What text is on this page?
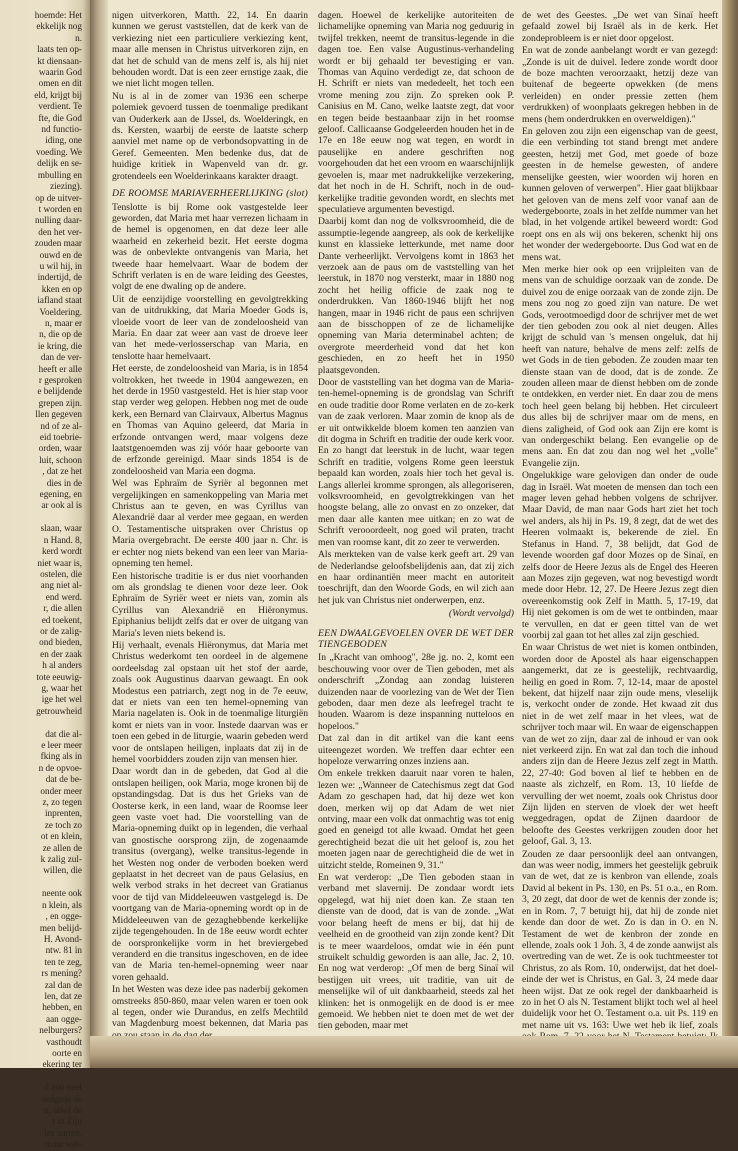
hoemde: Het
ekkelijk nog
n.
laats ten op-
kt diensaan-
waarin God
omen en dit
eld, krijgt bij
verdient. Te
fte, die God
nd functio-
iding, one
voeding. We
delijk en se-
mbulling en
ziezing).
op de uitver-
t worden en
nulling daar-
den het ver-
zouden maar
ouwd en de
u wil hij, in
indertijd, de
kken en op
iafland staat
Voeldering.
n, maar er
n, die op de
ie kring, die
dan de ver-
heeft er alle
r gesproken
e belijdende
grepen zijn.
llen gegeven
nd of ze al-
eid toebrie-
orden, waar
luit, schoon
, dat ze het
dies in de
egening, en
ar ook al is

slaan, waar
n Hand. 8,
kerd wordt
niet waar is,
ostelen, die
ang niet al-
end werd.
r, die allen
ed toekent,
or de zalig-
ond bieden,
en der zaak
h al anders
tote eeuwig-
g, waar het
ige het wel
getrouwheid

dat die al-
e leer meer
fking als in
n de opvoe-
dat de be-
onder meer
z, zo tegen
inprenten,
ze toch zo
ot en klein,
ze allen de
k zalig zul-
willen, die

neente ook
n klein, als
, en ogge-
men belijd-
H. Avond-
ntw. 81 in
ten te zeg,
rs mening?
zal dan de
len, dat ze
hebben, en
aan ogge-
nelburgers?
vasthoudt
oorte en
ekering ter

d zou veel
volgens de
n, alsof de
t in Zijn
les harten,
maar wei-

nigen uitverkoren, Matth. 22, 14. En daarin kunnen we gerust vaststellen, dat de kerk van de verkiezing niet een particuliere verkiezing kent, maar alle mensen in Christus uitverkoren zijn, en dat het de schuld van de mens zelf is, als hij niet behouden wordt. Dat is een zeer ernstige zaak, die we niet licht mogen tellen.

Nu is al in de zomer van 1936 een scherpe polemiek gevoerd tussen de toenmalige predikant van Ouderkerk aan de IJssel, ds. Woelderingk, en ds. Kersten, waarbij de eerste de laatste scherp aanviel met name op de verbondsopvatting in de Geref. Gemeenten. Men bedenke dus, dat de huidige kritiek in Wapenveld van dr. gr. grotendeels een Woelderinkaans karakter draagt.

DE ROOMSE MARIAVERHEERLIJKING (slot)

Tenslotte is bij Rome ook vastgestelde leer geworden, dat Maria met haar verrezen lichaam in de hemel is opgenomen, en dat deze leer alle waarheid en zekerheid bezit. Het eerste dogma was de onbevlekte ontvangenis van Maria, het tweede haar hemelvaart. Waar de bodem der Schrift verlaten is en de ware leiding des Geestes, volgt de ene dwaling op de andere.

Uit de eenzijdige voorstelling en gevolgtrekking van de uitdrukking, dat Maria Moeder Gods is, vloeide voort de leer van de zondeloosheid van Maria. En daar zat weer aan vast de droeve leer van het mede-verlosserschap van Maria, en tenslotte haar hemelvaart.

Het eerste, de zondeloosheid van Maria, is in 1854 voltrokken, het tweede in 1904 aangewezen, en het derde in 1950 vastgesteld. Het is hier stap voor stap verder weg gelopen. Hebben nog met de oude kerk, een Bernard van Clairvaux, Albertus Magnus en Thomas van Aquino geleerd, dat Maria in erfzonde ontvangen werd, maar volgens deze laatstgenoemden was zij vóór haar geboorte van de erfzonde gereinigd. Maar sinds 1854 is de zondeloosheid van Maria een dogma.

Wel was Ephraïm de Syriër al begonnen met vergelijkingen en samenkoppeling van Maria met Christus aan te geven, en was Cyrillus van Alexandrië daar al verder mee gegaan, en werden O. Testamentische uitspraken over Christus op Maria overgebracht. De eerste 400 jaar n. Chr. is er echter nog niets bekend van een leer van Maria-opneming ten hemel.

Een historische traditie is er dus niet voorhanden om als grondslag te dienen voor deze leer. Ook Ephraïm de Syriër weet er niets van, zomin als Cyrillus van Alexandrië en Hiëronymus. Epiphanius belijdt zelfs dat er over de uitgang van Maria's leven niets bekend is.

Hij verhaalt, evenals Hiëronymus, dat Maria met Christus wederkomt ten oordeel in de algemene oordeelsdag zal opstaan uit het stof der aarde, zoals ook Augustinus daarvan gewaagt. En ook Modestus een patriarch, zegt nog in de 7e eeuw, dat er niets van een ten hemel-opneming van Maria nagelaten is. Ook in de toenmalige liturgiën komt er niets van in voor. Instede daarvan was er toen een gebed in de liturgie, waarin gebeden werd voor de ontslapen heiligen, inplaats dat zij in de hemel voorbidders zouden zijn van mensen hier.

Daar wordt dan in de gebeden, dat God al die ontslapen heiligen, ook Maria, moge kronen bij de opstandingsdag. Dat is dus het Grieks van de Oosterse kerk, in een land, waar de Roomse leer geen vaste voet had. Die voorstelling van de Maria-opneming duikt op in legenden, die verhaal van gnostische oorsprong zijn, de zogenaamde transitus (overgang), welke transitus-legende in het Westen nog onder de verboden boeken werd geplaatst in het decreet van de paus Gelasius, en welk verbod straks in het decreet van Gratianus voor de tijd van Middeleeuwen vastgelegd is. De voortgang van de Maria-opneming wordt op in de Middeleeuwen van de gezaghebbende kerkelijke zijde tegengehouden. In de 18e eeuw wordt echter de oorspronkelijke vorm in het breviergebed veranderd en die transitus ingeschoven, en de idee van de Maria ten-hemel-opneming weer naar voren gehaald.

In het Westen was deze idee pas naderbij gekomen omstreeks 850-860, maar velen waren er toen ook al tegen, onder wie Durandus, en zelfs Mechtild van Magdenburg moest bekennen, dat Maria pas

dagen. Hoewel de kerkelijke autoriteiten de lichamelijke opneming van Maria nog geduurig in twijfel trekken, neemt de transitus-legende in die dagen toe. Een valse Augustinus-verhandeling wordt er bij gehaald ter bevestiging er van. Thomas van Aquino verdedigt ze, dat schoon de H. Schrift er niets van mededeelt, het toch een vrome mening zou zijn. Zo spreken ook P. Canisius en M. Cano, welke laatste zegt, dat voor en tegen beide bestaanbaar zijn in het roomse geloof. Callicaanse Godgeleerden houden het in de 17e en 18e eeuw nog wat tegen, en wordt in pauselijke en andere geschriften nog voorgehouden dat het een vroom en waarschijnlijk gevoelen is, maar met nadrukkelijke verzekering, dat het noch in de H. Schrift, noch in de oud-kerkelijke traditie gevonden wordt, en slechts met speculatieve argumenten bevestigd.

Daarbij komt dan nog de volksvroomheid, die de assumptie-legende aangreep, als ook de kerkelijke kunst en klassieke letterkunde, met name door Dante verheerlijkt. Vervolgens komt in 1863 het verzoek aan de paus om de vaststelling van het leerstuk, in 1870 nog versterkt, maar in 1880 nog zocht het heilig officie de zaak nog te onderdrukken. Van 1860-1946 blijft het nog hangen, maar in 1946 richt de paus een schrijven aan de bisschoppen of ze de lichamelijke opneming van Maria determinabel achten; de overgrote meerderheid vond dat het kon geschieden, en zo heeft het in 1950 plaatsgevonden.

Door de vaststelling van het dogma van de Maria-ten-hemel-opneming is de grondslag van Schrift en oude traditie door Rome verlaten en de zo-kerk van de zaak verloren. Maar zomin de knop als de er uit ontwikkelde bloem komen ten aanzien van dit dogma in Schrift en traditie der oude kerk voor. En zo hangt dat leerstuk in de lucht, waar tegen Schrift en traditie, volgens Rome geen leerstuk bepaald kan worden, zoals hier toch het geval is. Langs allerlei kromme sprongen, als allegoriseren, volksvroomheid, en gevolgtrekkingen van het hoogste belang, alle zo onvast en zo onzeker, dat men daar alle kanten mee uitkan; en zo wat de Schrift verooordeelt, nog goed wil praten, tracht men van roomse kant, dit zo zeer te verwerden.

Als merkteken van de valse kerk geeft art. 29 van de Nederlandse geloofsbelijdenis aan, dat zij zich en haar ordinantiën meer macht en autoriteit toeschrijft, dan den Woorde Gods, en wil zich aan het juk van Christus niet onderwerpen, enz.

(Wordt vervolgd)
EEN DWAALGEVOELEN OVER DE WET DER TIENGEBODEN

In „Kracht van omhoog", 28e jg. no. 2, komt een beschouwing voor over de Tien geboden, met als onderschrift „Zondag aan zondag luisteren duizenden naar de voorlezing van de Wet der Tien geboden, daar men deze als leefregel tracht te houden. Waarom is deze inspanning nutteloos en hopeloos."

Dat zal dan in dit artikel van die kant eens uiteengezet worden. We treffen daar echter een hopeloze verwarring onzes inziens aan.

Om enkele trekken daaruit naar voren te halen, lezen we: „Wanneer de Catechismus zegt dat God Adam zo geschapen had, dat hij deze wet kon doen, merken wij op dat Adam de wet niet ontving, maar een volk dat onmachtig was tot enig goed en geneigd tot alle kwaad. Omdat het geen gerechtigheid bezat die uit het geloof is, zou het moeten jagen naar de gerechtigheid die de wet in uitzicht stelde, Romeinen 9, 31."

En wat verderop: „De Tien geboden staan in verband met slavernij. De zondaar wordt iets opgelegd, wat hij niet doen kan. Ze staan ten dienste van de dood, dat is van de zonde. „Wat voor belang heeft de mens er bij, dat hij de veelheid en de grootheid van zijn zonde kent? Dit is te meer waardeloos, omdat wie in één punt struikelt schuldig geworden is aan alle, Jac. 2, 10. En nog wat verderop: „Of men de berg Sinaï wil bestijgen uit vrees, uit traditie, van uit de menselijke wil of uit dankbaarheid, steeds zal het klinken: het is onmogelijk en de dood is er mee gemoeid. We hebben niet te doen met de wet der tien geboden, maar met

de wet des Geestes. „De wet van Sinaï heeft gefaald zowel bij Israël als in de kerk. Het zondeprobleem is er niet door opgelost.

En wat de zonde aanbelangt wordt er van gezegd: „Zonde is uit de duivel. Iedere zonde wordt door de boze machten veroorzaakt, hetzij deze van buitenaf de begeerte opwekken (de mens verleiden) en onder pressie zetten (hem verdrukken) of woonplaats gekregen hebben in de mens (hem onderdrukken en overweldigen)."

En geloven zou zijn een eigenschap van de geest, die een verbinding tot stand brengt met andere geesten, hetzij met God, met goede of boze geesten in de hemelse gewesten, of andere menselijke geesten, wier woorden wij horen en kunnen geloven of verwerpen". Hier gaat blijkbaar het geloven van de mens zelf voor vanaf aan de wedergeboorte, zoals in het zelfde nummer van het blad, in het volgende artikel beweerd wordt: God roept ons en als wij ons bekeren, schenkt hij ons het wonder der wedergeboorte. Dus God wat en de mens wat.

Men merke hier ook op een vrijpleiten van de mens van de schuldige oorzaak van de zonde. De duivel zou de enige oorzaak van de zonde zijn. De mens zou nog zo goed zijn van nature. De wet Gods, verootmoedigd door de schrijver met de wet der tien geboden zou ook al niet deugen. Alles krijgt de schuld van 's mensen ongeluk, dat hij heeft van nature, behalve de mens zelf: zelfs de wet Gods in de tien geboden. Ze zouden maar ten dienste staan van de dood, dat is de zonde. Ze zouden alleen maar de dienst hebben om de zonde te ontdekken, en verder niet. En daar zou de mens toch heel geen belang bij hebben. Het circuleert dus alles bij de schrijver maar om de mens, en diens zaligheid, of God ook aan Zijn ere komt is van ondergeschikt belang. Een evangelie op de mens aan. En dat zou dan nog wel het „volle" Evangelie zijn.

Ongelukkige ware gelovigen dan onder de oude dag in Israël. Wat moeten de mensen dan toch een mager leven gehad hebben volgens de schrijver. Maar David, de man naar Gods hart ziet het toch wel anders, als hij in Ps. 19, 8 zegt, dat de wet des Heeren volmaakt is, bekerende de ziel. En Stefanus in Hand. 7, 38 belijdt, dat God de levende woorden gaf door Mozes op de Sinaï, en zelfs door de Heere Jezus als de Engel des Heeren aan Mozes zijn gegeven, wat nog bevestigd wordt mede door Hebr. 12, 27. De Heere Jezus zegt dien overeenkomstig ook Zelf in Matth. 5, 17-19, dat Hij niet gekomen is om de wet te ontbinden, maar te vervullen, en dat er geen tittel van de wet voorbij zal gaan tot het alles zal zijn geschied.

En waar Christus de wet niet is komen ontbinden, worden door de Apostel als haar eigenschappen aangemerkt, dat ze is geestelijk, rechtvaardig, heilig en goed in Rom. 7, 12-14, maar de apostel bekent, dat hijzelf naar zijn oude mens, vleselijk is, verkocht onder de zonde. Het kwaad zit dus niet in de wet zelf maar in het vlees, wat de schrijver toch maar wil. En waar de eigenschappen van de wet zo zijn, daar zal de inhoud er van ook niet verkeerd zijn. En wat zal dan toch die inhoud anders zijn dan de Heere Jezus zelf zegt in Matth. 22, 27-40: God boven al lief te hebben en de naaste als zichzelf, en Rom. 13, 10 liefde de vervulling der wet noemt, zoals ook Christus door Zijn lijden en sterven de vloek der wet heeft weggedragen, opdat de Zijnen daardoor de beloofte des Geestes verkrijgen zouden door het geloof, Gal. 3, 13.

Zouden ze daar persoonlijk deel aan ontvangen, dan was weer nodig, immers het geestelijk gebruik van de wet, dat ze is kenbron van ellende, zoals David al bekent in Ps. 130, en Ps. 51 o.a., en Rom. 3, 20 zegt, dat door de wet de kennis der zonde is; en in Rom. 7, 7 betuigt hij, dat hij de zonde niet kende dan door de wet. Zo is dan in O. en N. Testament de wet de kenbron der zonde en ellende, zoals ook 1 Joh. 3, 4 de zonde aanwijst als overtreding van de wet. Ze is ook tuchtmeester tot Christus, zo als Rom. 10, onderwijst, dat het doel-einde der wet is Christus, en Gal. 3, 24 mede daar heen wijst. Dat ze ook regel der dankbaarheid is zo in het O als N. Testament blijkt toch wel al heel duidelijk voor het O. Testament o.a. uit Ps. 119 en met name uit vs. 163: Uwe wet heb ik lief, zoals
